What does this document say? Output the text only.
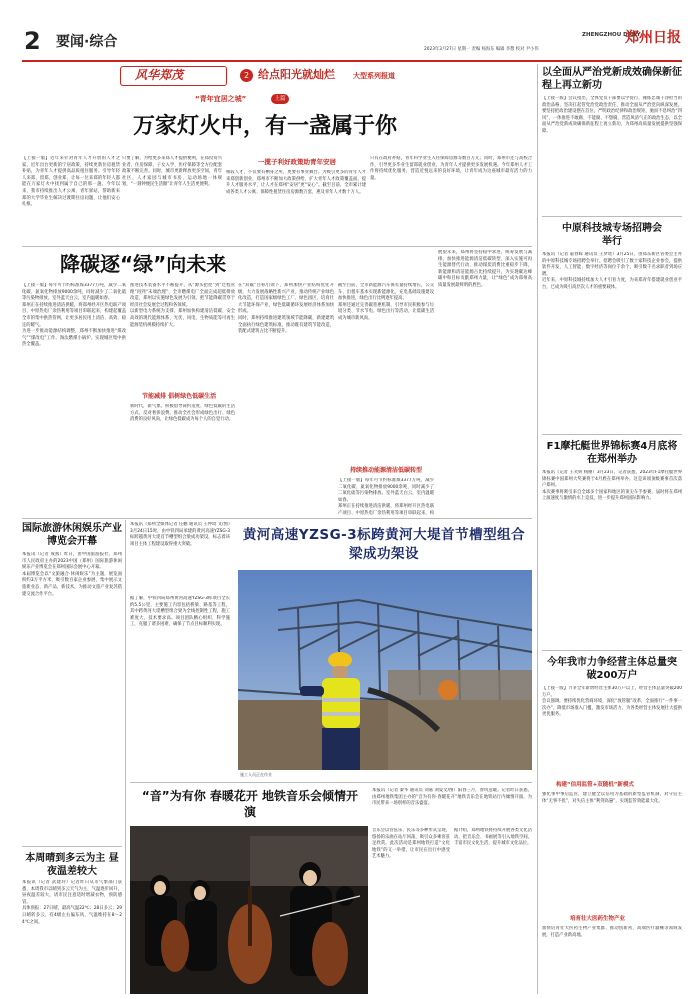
2 要闻·综合	2023年3月27日 星期一 责编 杨海东 编辑 李想 校对 尹小伟
ZHENGZHOU DAILY
郑州日报
风华郑茂	2 给点阳光就灿烂	大型系列报道
“青年宜居之城”	上篇
万家灯火中，有一盏属于你
【上接一版】近年来针对青年人才开放的人才之家、近年出台更新的宁居政策，持续更新住房租赁补贴，为青年人才提供高品质租住服务。引导年轻人来郑、留郑、创业郑，让每一位来郑的年轻人都能在万家灯火中找到属于自己的那一盏。今年以来，我市持续推出人才公寓、青年驿站，帮助新来郑的大学毕业生解决过渡期住房问题，让他们安心扎根。
只要了解，为给更多来郑人才提供便利，在郑投资兴业者，住房保障、子女入学、医疗保障等全方位配套政策不断完善。同时，城市更新释放更多空间，青年社区、人才家园与城市书房、运动场地一体规划，“一刻钟便民生活圈”让青年人生活更便利。
一揽子利好政策助青年安居
相较人才，不仅要有栖身之所，更要有事业舞台。为吸引更多的青年人才来郑创新创业，郑州市不断加大政策供给，扩大青年人才政策覆盖面，提升人才服务水平，让人才在郑州“安居”更“安心”。截至目前，全市累计建成各类人才公寓、保障性租赁住房房源数万套，惠及青年人才数十万人。
只有在政府补贴，青年科学业生入住保障房源等数百万元；同时，郑州市还与高校合作，引导更多毕业生留郑就业创业，为青年人才提供更多发展机遇。今年郑州人才工作将持续优化服务，营造近悦远来的良好环境，让青年成为这座城市最有活力的力量。
降碳逐“绿”向未来
【上接一版】每年可节约标准煤3377万吨，减少二氧化碳、氮氧化物排放9000余吨，同时减少了二氧化硫等污染物排放。室外蓝天白云，室内温暖如春。
郑州正在持续推进清洁供暖，将郑州经开区热电联产项目、中原热电厂余热利用等项目串联起来，构建起覆盖全市的集中供热管网，让更多居民用上清洁、高效、稳定的暖气。
为进一步推动能源结构调整，郑州不断加快推进“煤改气”“煤改电”工作，淘汰燃煤小锅炉，实现城区集中供热全覆盖。
推进技术装备水平不断提升，从“源头把控”到“过程管理”再到“末端治理”，全市燃煤电厂全面完成超低排放改造，郑州以实施绿色发展为引领，把节能降碳贯穿于经济社会发展全过程和各领域。
以新型电力系统为支撑，郑州加快构建清洁低碳、安全高效的现代能源体系，光伏、风电、生物质能等可再生能源装机规模持续扩大。
节能减排 倡树绿色低碳生活
新时代，新气象。积极倡导简约适度、绿色低碳的生活方式，反对奢侈浪费，推动全社会形成绿色出行、绿色消费的良好风尚，让绿色低碳成为每个人的自觉行动。
在“双碳”目标引领下，郑州加快产业结构优化升级，大力发展战略性新兴产业，推动传统产业绿色化改造，打造国家级绿色工厂、绿色园区，培育壮大节能环保产业，绿色低碳循环发展经济体系加快形成。
同时，郑州持续推进建筑领域节能降碳，新建建筑全面执行绿色建筑标准，推动既有建筑节能改造，装配式建筑占比不断提升。
截至目前，全市新能源汽车保有量持续增长，公交车、出租车基本实现新能源化，充电基础设施建设加快推进，绿色出行比例逐年提高。
郑州还通过完善碳普惠机制，引导市民积极参与垃圾分类、节水节电、绿色出行等活动，让低碳生活成为城市新风尚。
持续推动能源清洁低碳转型
展望未来，郑州将坚持稳中求进，统筹发展与减排，加快推进能源清洁低碳转型，深入实施可再生能源替代行动，推动煤炭消费比重稳步下降，新能源和清洁能源占比持续提升，为实现碳达峰碳中和目标贡献郑州力量，让“绿色”成为郑州高质量发展最鲜明的底色。
【上接一版】每年可节约标准煤3377万吨，减少二氧化碳、氮氧化物排放9000余吨，同时减少了二氧化硫等污染物排放。室外蓝天白云，室内温暖如春。
郑州正在持续推进清洁供暖，将郑州经开区热电联产项目、中原热电厂余热利用等项目串联起来，构

以全面从严治党新成效确保新征程上再立新功
【上接一版】会议指出，全体党员干部要以学促行，锤炼忠诚干净担当的政治品格，坚决扛起管党治党政治责任，推动全面从严治党向纵深发展。要坚持把政治建设摆在首位，严明政治纪律和政治规矩，驰而不息纠治“四风”，一体推进不敢腐、不能腐、不想腐，营造风清气正的政治生态，以全面从严治党新成效确保新征程上再立新功，为郑州高质量发展提供坚强保障。
中原科技城专场招聘会举行
本报讯（记者 董春晖 通讯员 王梦瑶）3月25日，由郑东新区管委会主办的中原科技城专场招聘会举行。招聘会吸引了数十家科技企业参会，提供软件开发、人工智能、数字经济等岗位千余个，吸引数千名求职者到场应聘。
近年来，中原科技城持续加大人才引育力度，为来郑青年搭建就业创业平台，已成为吸引高层次人才的重要载体。
F1摩托艇世界锦标赛4月底将在郑州举办
本报讯（记者 王笑妍 杨丽）3月23日，记者获悉，2023年F1摩托艇世界锦标赛中国郑州大奖赛将于4月底在郑州举办。这是该项顶级赛事首次落户郑州。
本次赛事将吸引来自全球多个国家和地区的顶尖车手参赛，届时将在郑州上演速度与激情的水上竞技，进一步提升郑州国际影响力。
今年我市力争经营主体总量突破200万户
【上接一版】力争全年新增经营主体30万户以上，经营主体总量突破200万户。
会议强调，要持续优化营商环境，深化“放管服”改革，全面推行“一件事一次办”，降低市场准入门槛，激发市场活力，为各类经营主体发展壮大提供更优服务。
构建“信用监管+双随机”新模式
强化事中事后监管，建立健全以信用为基础的新型监管机制，对守信主体“无事不扰”，对失信主体“利剑高悬”，实现监管效能最大化。
培育壮大医药生物产业
加快培育壮大医药生物产业集群，推动创新药、高端医疗器械等领域发展，打造产业新高地。
国际旅游休闲娱乐产业博览会开幕
本报讯（记者 成燕）昨日，由中国旅游报社、郑州市人民政府主办的2023中国（郑州）国际旅游休闲娱乐产业博览会在郑州国际会展中心开幕。
本届博览会以“文旅融合·休闲娱乐”为主题，展览面积约3万平方米，吸引数百家企业参展，集中展示文旅新业态、新产品、新技术，为推动文旅产业复苏搭建交流合作平台。
本周晴到多云为主 昼夜温差较大
本报讯（记者 武建玲）记者昨日从市气象部门获悉，本周我市以晴到多云天气为主，气温逐步回升，昼夜温差较大，请市民注意适时增减衣物，预防感冒。
具体预报：27日晴，最高气温22℃；28日多云；29日晴转多云，有4级左右偏东风，气温维持在8～24℃之间。
本报讯（郑州全媒体记者 任鹏 通讯员 王仲琦 文/图）3月24日15时，由中铁四局承建的黄河高速YZSG-3标跨越黄河大堤首节槽型组合梁成功架设，标志着该项目主体工程建设取得重大突破。
据了解，中铁四局郑州黄河高速YZSG-3标项目全长约5.5公里，主要施工内容包括桥梁、路基等工程，其中跨黄河大堤槽型组合梁为全线控制性工程，施工难度大、技术要求高。项目团队精心组织、科学施工，克服了诸多困难，确保了节点目标顺利实现。
黄河高速YZSG-3标跨黄河大堤首节槽型组合梁成功架设
施工人员正在作业
“音”为有你 春暖花开 地铁音乐会倾情开演
本报讯（记者 秦华 通讯员 刘嘉 刘夏文/图）阳春三月，春风送暖。记者昨日获悉，由郑州地铁集团主办的“音为有你·春暖花开”地铁音乐会在地铁站厅内倾情开演，为市民带来一场别样的音乐盛宴。
音乐会以管弦乐、民乐等多种形式呈现，悠扬的乐曲在站厅回荡，吸引众多乘客驻足欣赏。此次活动是郑州地铁打造“文化地铁”的又一举措，让市民在出行中感受艺术魅力。
据介绍，郑州地铁将持续开展各类文化活动，把音乐会、书画展等引入地铁空间，丰富市民文化生活，提升城市文化品位。
